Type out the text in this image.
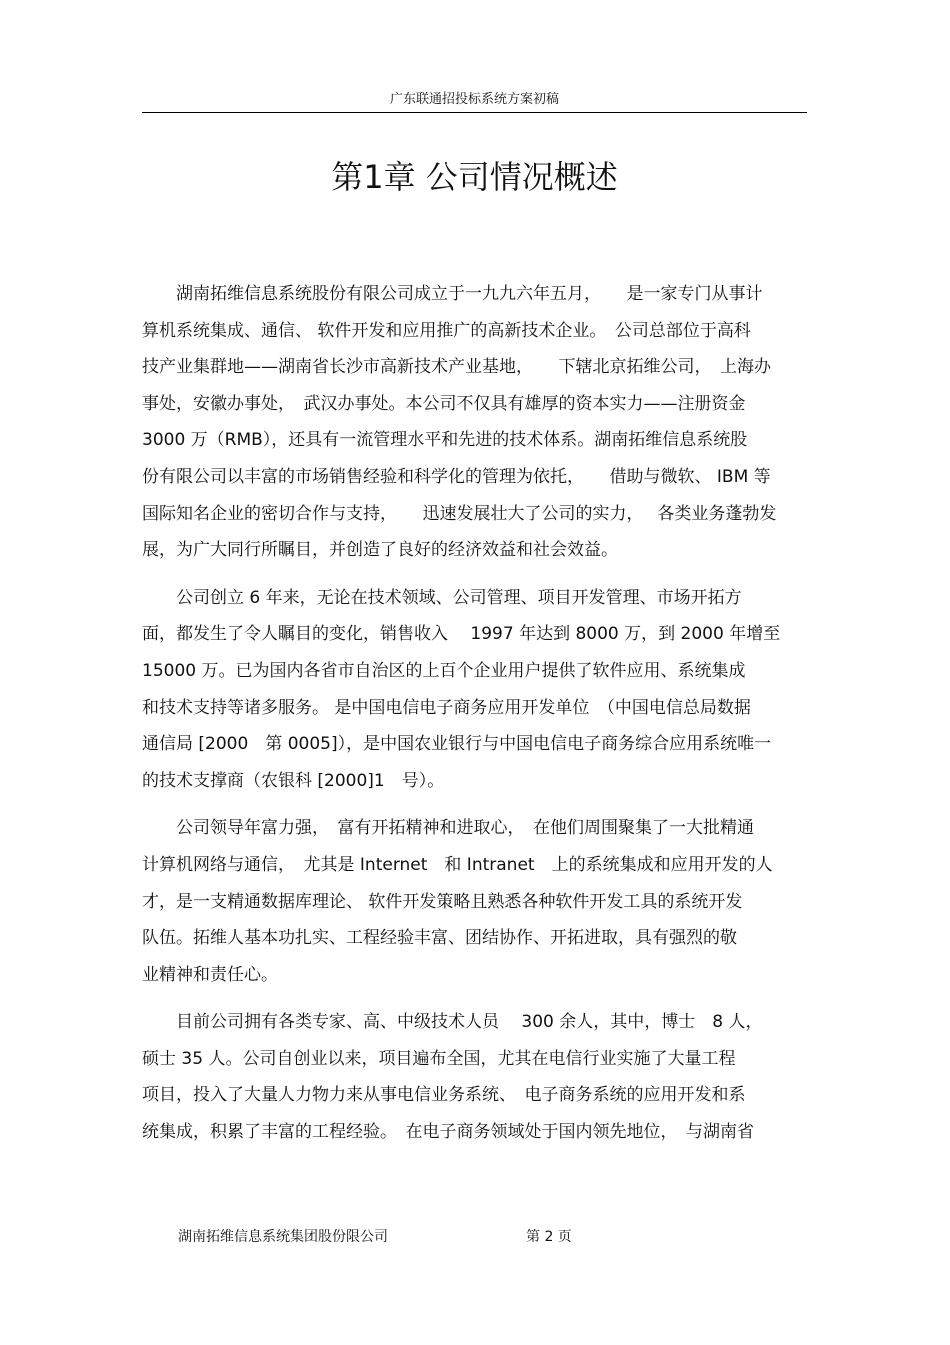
广东联通招投标系统方案初稿
第1章 公司情况概述

　　湖南拓维信息系统股份有限公司成立于一九九六年五月，　　是一家专门从事计
算机系统集成、通信、 软件开发和应用推广的高新技术企业。　公司总部位于高科
技产业集群地——湖南省长沙市高新技术产业基地，　　下辖北京拓维公司，　上海办
事处，安徽办事处，　武汉办事处。本公司不仅具有雄厚的资本实力——注册资金
3000 万（RMB），还具有一流管理水平和先进的技术体系。湖南拓维信息系统股
份有限公司以丰富的市场销售经验和科学化的管理为依托，　　借助与微软、 IBM 等
国际知名企业的密切合作与支持，　　迅速发展壮大了公司的实力，　 各类业务蓬勃发
展，为广大同行所瞩目，并创造了良好的经济效益和社会效益。

　　公司创立 6 年来，无论在技术领域、公司管理、项目开发管理、市场开拓方
面，都发生了令人瞩目的变化，销售收入　 1997 年达到 8000 万，到 2000 年增至
15000 万。已为国内各省市自治区的上百个企业用户提供了软件应用、系统集成
和技术支持等诸多服务。 是中国电信电子商务应用开发单位　（中国电信总局数据
通信局 [2000　第 0005]），是中国农业银行与中国电信电子商务综合应用系统唯一
的技术支撑商（农银科 [2000]1　号）。

　　公司领导年富力强，　富有开拓精神和进取心，　在他们周围聚集了一大批精通
计算机网络与通信，　尤其是 Internet　和 Intranet　上的系统集成和应用开发的人
才，是一支精通数据库理论、 软件开发策略且熟悉各种软件开发工具的系统开发
队伍。拓维人基本功扎实、工程经验丰富、团结协作、开拓进取，具有强烈的敬
业精神和责任心。

　　目前公司拥有各类专家、高、中级技术人员　 300 余人，其中，博士　8 人，
硕士 35 人。公司自创业以来，项目遍布全国，尤其在电信行业实施了大量工程
项目，投入了大量人力物力来从事电信业务系统、　电子商务系统的应用开发和系
统集成，积累了丰富的工程经验。　在电子商务领域处于国内领先地位，　与湖南省

湖南拓维信息系统集团股份限公司	第 2 页
